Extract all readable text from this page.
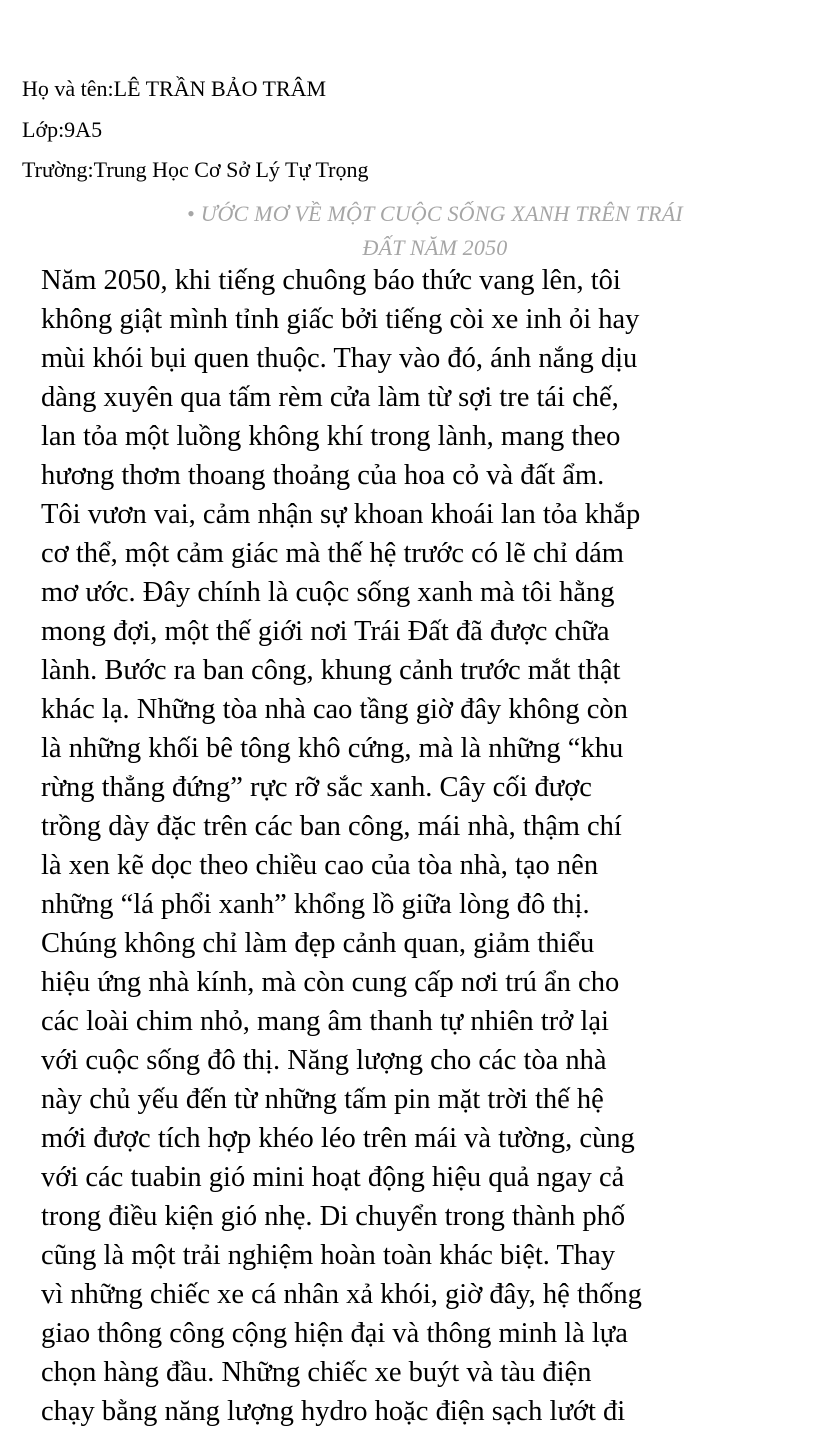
Họ và tên:LÊ TRẦN BẢO TRÂM
Lớp:9A5
Trường:Trung Học Cơ Sở Lý Tự Trọng
• ƯỚC MƠ VỀ MỘT CUỘC SỐNG XANH TRÊN TRÁI
ĐẤT NĂM 2050
Năm 2050, khi tiếng chuông báo thức vang lên, tôi
không giật mình tỉnh giấc bởi tiếng còi xe inh ỏi hay
mùi khói bụi quen thuộc. Thay vào đó, ánh nắng dịu
dàng xuyên qua tấm rèm cửa làm từ sợi tre tái chế,
lan tỏa một luồng không khí trong lành, mang theo
hương thơm thoang thoảng của hoa cỏ và đất ẩm.
Tôi vươn vai, cảm nhận sự khoan khoái lan tỏa khắp
cơ thể, một cảm giác mà thế hệ trước có lẽ chỉ dám
mơ ước. Đây chính là cuộc sống xanh mà tôi hằng
mong đợi, một thế giới nơi Trái Đất đã được chữa
lành. Bước ra ban công, khung cảnh trước mắt thật
khác lạ. Những tòa nhà cao tầng giờ đây không còn
là những khối bê tông khô cứng, mà là những “khu
rừng thẳng đứng” rực rỡ sắc xanh. Cây cối được
trồng dày đặc trên các ban công, mái nhà, thậm chí
là xen kẽ dọc theo chiều cao của tòa nhà, tạo nên
những “lá phổi xanh” khổng lồ giữa lòng đô thị.
Chúng không chỉ làm đẹp cảnh quan, giảm thiểu
hiệu ứng nhà kính, mà còn cung cấp nơi trú ẩn cho
các loài chim nhỏ, mang âm thanh tự nhiên trở lại
với cuộc sống đô thị. Năng lượng cho các tòa nhà
này chủ yếu đến từ những tấm pin mặt trời thế hệ
mới được tích hợp khéo léo trên mái và tường, cùng
với các tuabin gió mini hoạt động hiệu quả ngay cả
trong điều kiện gió nhẹ. Di chuyển trong thành phố
cũng là một trải nghiệm hoàn toàn khác biệt. Thay
vì những chiếc xe cá nhân xả khói, giờ đây, hệ thống
giao thông công cộng hiện đại và thông minh là lựa
chọn hàng đầu. Những chiếc xe buýt và tàu điện
chạy bằng năng lượng hydro hoặc điện sạch lướt đi
